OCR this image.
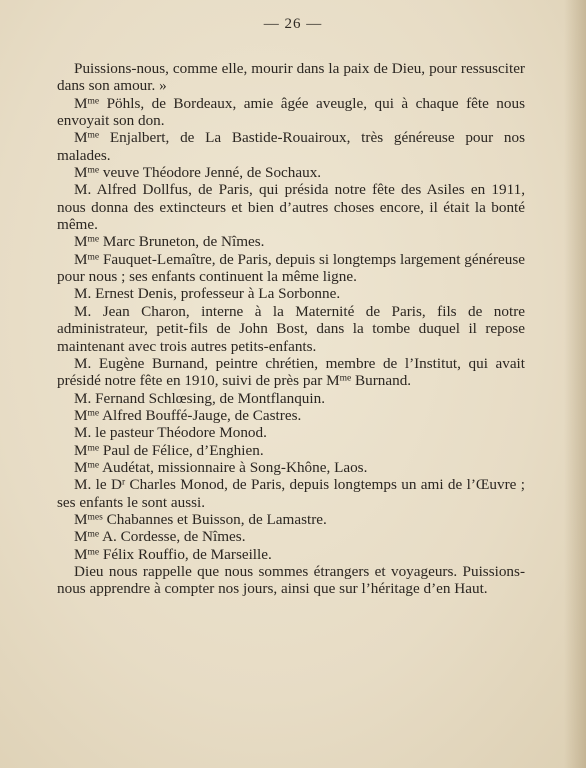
— 26 —

Puissions-nous, comme elle, mourir dans la paix de Dieu, pour ressusciter dans son amour. »

$M^{me}$ Pöhls, de Bordeaux, amie âgée aveugle, qui à chaque fête nous envoyait son don.

$M^{me}$ Enjalbert, de La Bastide-Rouairoux, très généreuse pour nos malades.

$M^{me}$ veuve Théodore Jenné, de Sochaux.

M. Alfred Dollfus, de Paris, qui présida notre fête des Asiles en 1911, nous donna des extincteurs et bien d’autres choses encore, il était la bonté même.

$M^{me}$ Marc Bruneton, de Nîmes.

$M^{me}$ Fauquet-Lemaître, de Paris, depuis si longtemps largement généreuse pour nous ; ses enfants continuent la même ligne.

M. Ernest Denis, professeur à La Sorbonne.

M. Jean Charon, interne à la Maternité de Paris, fils de notre administrateur, petit-fils de John Bost, dans la tombe duquel il repose maintenant avec trois autres petits-enfants.

M. Eugène Burnand, peintre chrétien, membre de l’Institut, qui avait présidé notre fête en 1910, suivi de près par $M^{me}$ Burnand.

M. Fernand Schlœsing, de Montflanquin.

$M^{me}$ Alfred Bouffé-Jauge, de Castres.

M. le pasteur Théodore Monod.

$M^{me}$ Paul de Félice, d’Enghien.

$M^{me}$ Audétat, missionnaire à Song-Khône, Laos.

M. le $D^r$ Charles Monod, de Paris, depuis longtemps un ami de l’Œuvre ; ses enfants le sont aussi.

$M^{mes}$ Chabannes et Buisson, de Lamastre.

$M^{me}$ A. Cordesse, de Nîmes.

$M^{me}$ Félix Rouffio, de Marseille.

Dieu nous rappelle que nous sommes étrangers et voyageurs. Puissions-nous apprendre à compter nos jours, ainsi que sur l’héritage d’en Haut.
